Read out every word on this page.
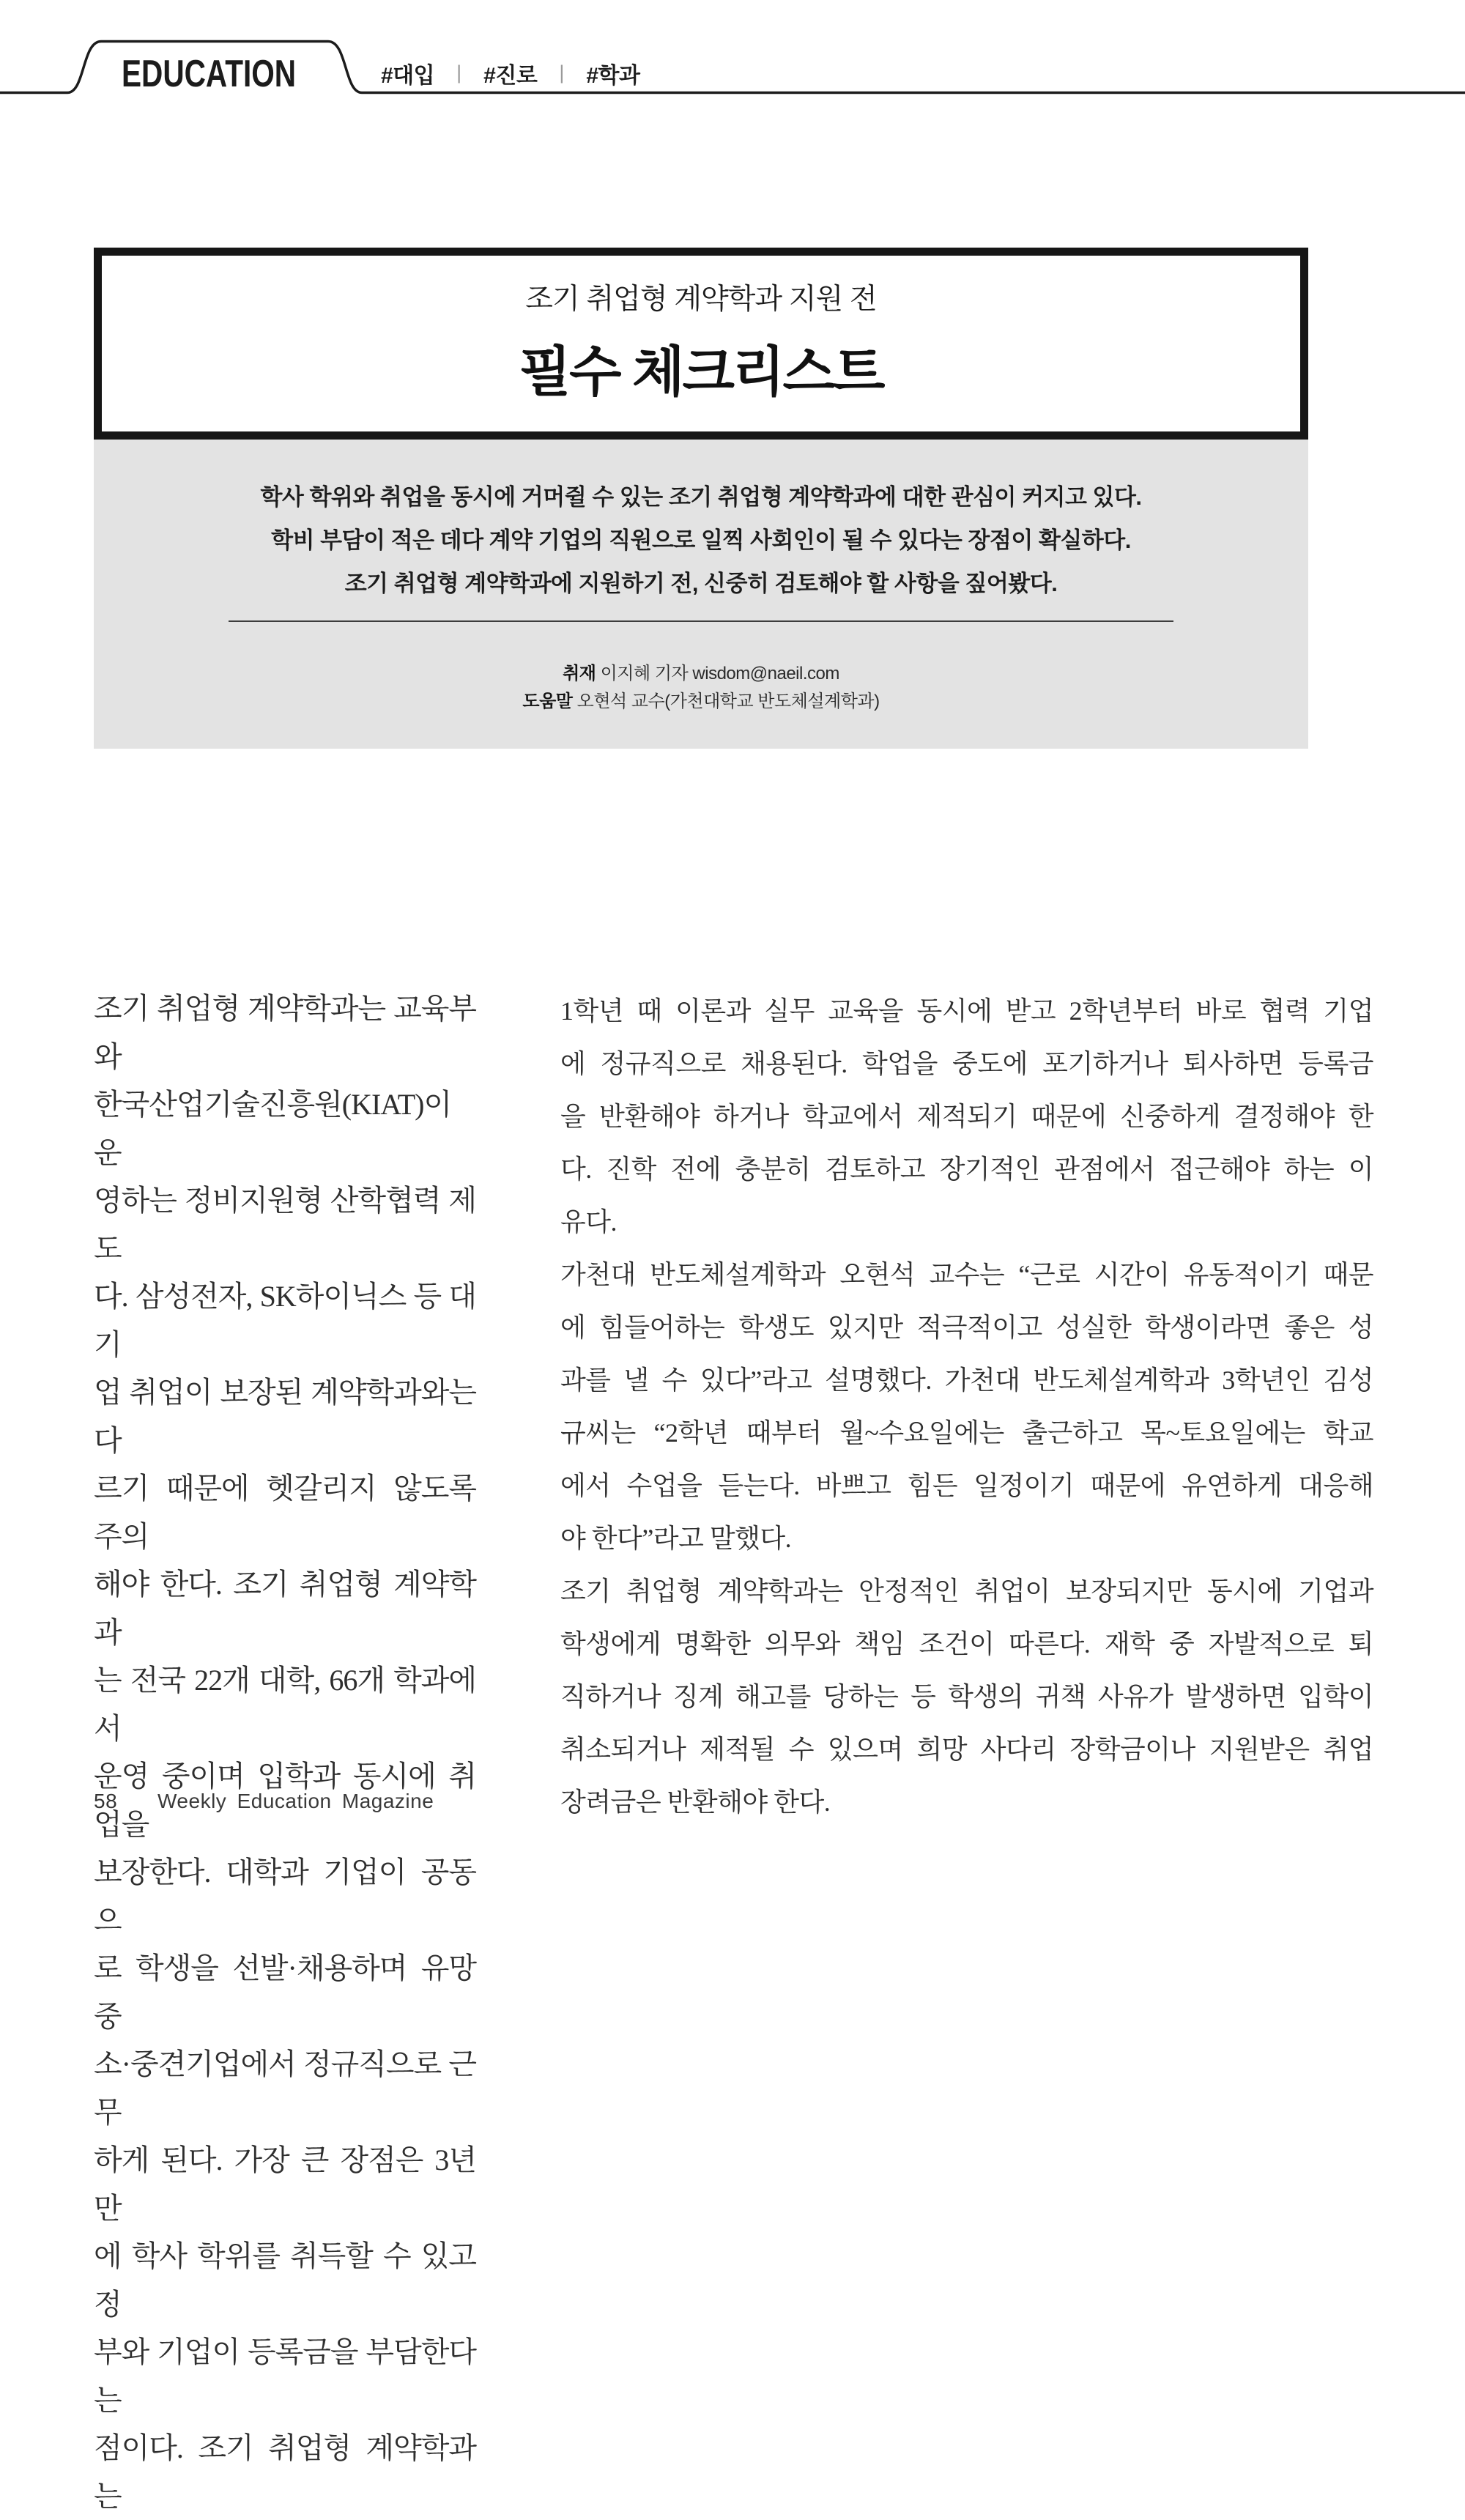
EDUCATION	#대입 | #진로 | #학과
조기 취업형 계약학과 지원 전
필수 체크리스트
학사 학위와 취업을 동시에 거머쥘 수 있는 조기 취업형 계약학과에 대한 관심이 커지고 있다.
학비 부담이 적은 데다 계약 기업의 직원으로 일찍 사회인이 될 수 있다는 장점이 확실하다.
조기 취업형 계약학과에 지원하기 전, 신중히 검토해야 할 사항을 짚어봤다.
취재 이지혜 기자 wisdom@naeil.com
도움말 오현석 교수(가천대학교 반도체설계학과)
조기 취업형 계약학과는 교육부와
한국산업기술진흥원(KIAT)이 운
영하는 정비지원형 산학협력 제도
다. 삼성전자, SK하이닉스 등 대기
업 취업이 보장된 계약학과와는 다
르기 때문에 헷갈리지 않도록 주의
해야 한다. 조기 취업형 계약학과
는 전국 22개 대학, 66개 학과에서
운영 중이며 입학과 동시에 취업을
보장한다. 대학과 기업이 공동으
로 학생을 선발·채용하며 유망 중
소·중견기업에서 정규직으로 근무
하게 된다. 가장 큰 장점은 3년 만
에 학사 학위를 취득할 수 있고 정
부와 기업이 등록금을 부담한다는
점이다. 조기 취업형 계약학과는
1학년 때 이론과 실무 교육을 동시에 받고 2학년부터 바로 협력 기업
에 정규직으로 채용된다. 학업을 중도에 포기하거나 퇴사하면 등록금
을 반환해야 하거나 학교에서 제적되기 때문에 신중하게 결정해야 한
다. 진학 전에 충분히 검토하고 장기적인 관점에서 접근해야 하는 이
유다.
가천대 반도체설계학과 오현석 교수는 “근로 시간이 유동적이기 때문
에 힘들어하는 학생도 있지만 적극적이고 성실한 학생이라면 좋은 성
과를 낼 수 있다”라고 설명했다. 가천대 반도체설계학과 3학년인 김성
규씨는 “2학년 때부터 월~수요일에는 출근하고 목~토요일에는 학교
에서 수업을 듣는다. 바쁘고 힘든 일정이기 때문에 유연하게 대응해
야 한다”라고 말했다.
조기 취업형 계약학과는 안정적인 취업이 보장되지만 동시에 기업과
학생에게 명확한 의무와 책임 조건이 따른다. 재학 중 자발적으로 퇴
직하거나 징계 해고를 당하는 등 학생의 귀책 사유가 발생하면 입학이
취소되거나 제적될 수 있으며 희망 사다리 장학금이나 지원받은 취업
장려금은 반환해야 한다.
58	Weekly Education Magazine
